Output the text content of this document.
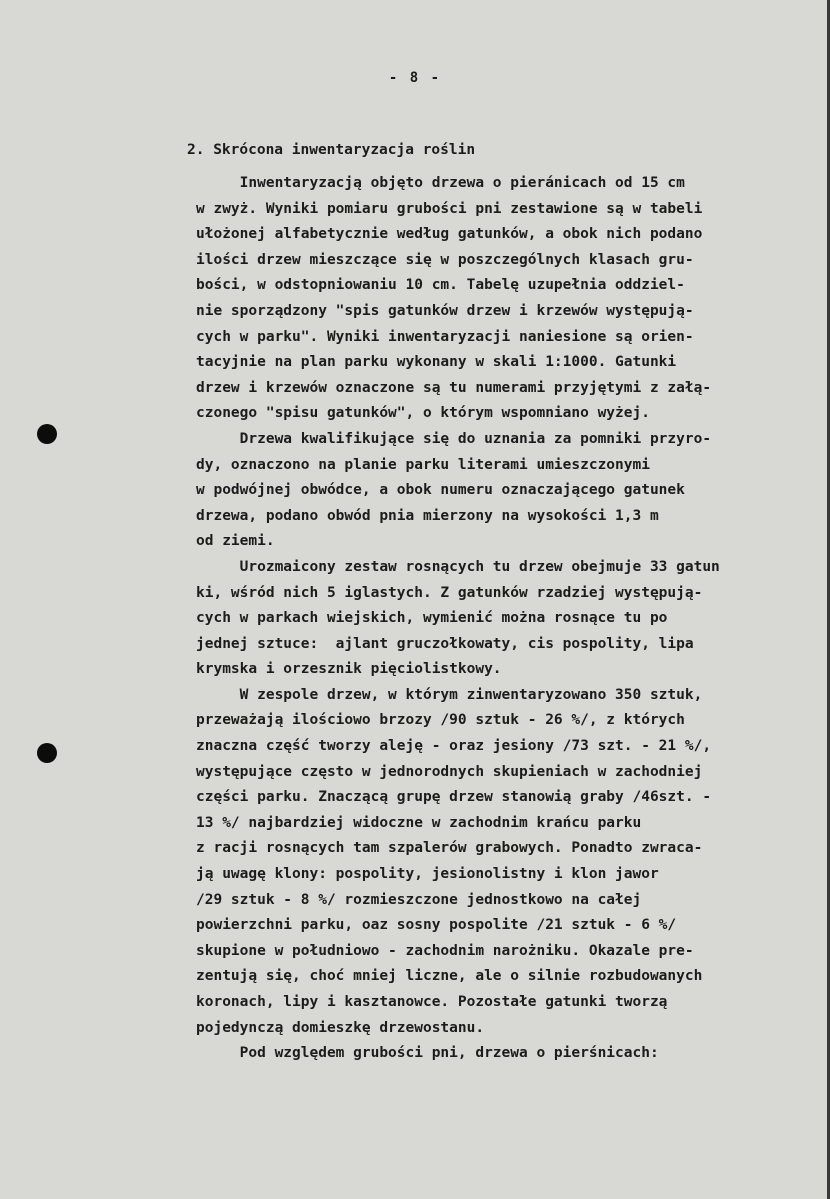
- 8 -
2. Skrócona inwentaryzacja roślin
Inwentaryzacją objęto drzewa o pieránicach od 15 cm
w zwyż. Wyniki pomiaru grubości pni zestawione są w tabeli
ułożonej alfabetycznie według gatunków, a obok nich podano
ilości drzew mieszczące się w poszczególnych klasach gru-
bości, w odstopniowaniu 10 cm. Tabelę uzupełnia oddziel-
nie sporządzony "spis gatunków drzew i krzewów występują-
cych w parku". Wyniki inwentaryzacji naniesione są orien-
tacyjnie na plan parku wykonany w skali 1:1000. Gatunki
drzew i krzewów oznaczone są tu numerami przyjętymi z załą-
czonego "spisu gatunków", o którym wspomniano wyżej.
Drzewa kwalifikujące się do uznania za pomniki przyro-
dy, oznaczono na planie parku literami umieszczonymi
w podwójnej obwódce, a obok numeru oznaczającego gatunek
drzewa, podano obwód pnia mierzony na wysokości 1,3 m
od ziemi.
Urozmaicony zestaw rosnących tu drzew obejmuje 33 gatun
ki, wśród nich 5 iglastych. Z gatunków rzadziej występują-
cych w parkach wiejskich, wymienić można rosnące tu po
jednej sztuce:  ajlant gruczołkowaty, cis pospolity, lipa
krymska i orzesznik pięciolistkowy.
W zespole drzew, w którym zinwentaryzowano 350 sztuk,
przeważają ilościowo brzozy /90 sztuk - 26 %/, z których
znaczna część tworzy aleję - oraz jesiony /73 szt. - 21 %/,
występujące często w jednorodnych skupieniach w zachodniej
części parku. Znaczącą grupę drzew stanowią graby /46szt. -
13 %/ najbardziej widoczne w zachodnim krańcu parku
z racji rosnących tam szpalerów grabowych. Ponadto zwraca-
ją uwagę klony: pospolity, jesionolistny i klon jawor
/29 sztuk - 8 %/ rozmieszczone jednostkowo na całej
powierzchni parku, oaz sosny pospolite /21 sztuk - 6 %/
skupione w południowo - zachodnim narożniku. Okazale pre-
zentują się, choć mniej liczne, ale o silnie rozbudowanych
koronach, lipy i kasztanowce. Pozostałe gatunki tworzą
pojedynczą domieszkę drzewostanu.
Pod względem grubości pni, drzewa o pierśnicach:
